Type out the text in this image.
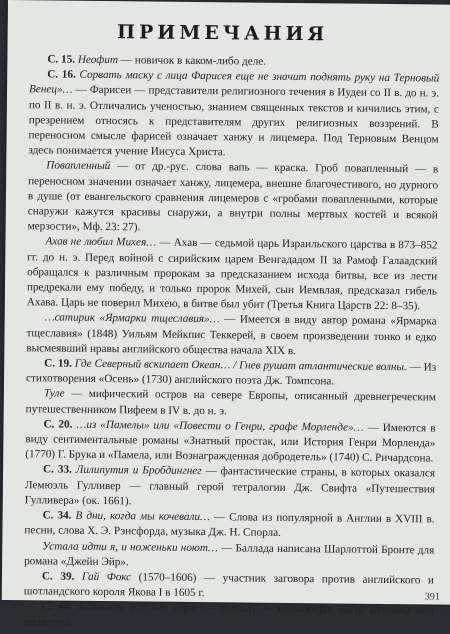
ПРИМЕЧАНИЯ

С. 15. Неофит — новичок в каком-либо деле.

С. 16. Сорвать маску с лица Фарисея еще не значит поднять руку на Терновый Венец»… — Фарисеи — представители религиозного течения в Иудеи со II в. до н. э. по II в. н. э. Отличались ученостью, знанием священных текстов и кичились этим, с презрением относясь к представителям других религиозных воззрений. В переносном смысле фарисей означает ханжу и лицемера. Под Терновым Венцом здесь понимается учение Иисуса Христа.

Повапленный — от др.-рус. слова вапь — краска. Гроб повапленный — в переносном значении означает ханжу, лицемера, внешне благочестивого, но дурного в душе (от евангельского сравнения лицемеров с «гробами повапленными, которые снаружи кажутся красивы снаружи, а внутри полны мертвых костей и всякой мерзости», Мф. 23: 27).

Ахав не любил Михея… — Ахав — седьмой царь Израильского царства в 873–852 гг. до н. э. Перед войной с сирийским царем Венгададом II за Рамоф Галаадский обращался к различным пророкам за предсказанием исхода битвы, все из лести предрекали ему победу, и только пророк Михей, сын Иемвлая, предсказал гибель Ахава. Царь не поверил Михею, в битве был убит (Третья Книга Царств 22: 8–35).

…сатирик «Ярмарки тщеславия»… — Имеется в виду автор романа «Ярмарка тщеславия» (1848) Уильям Мейкпис Теккерей, в своем произведении тонко и едко высмеявший нравы английского общества начала XIX в.

С. 19. Где Северный вскипает Океан… / Гнев рушат атлантические волны. — Из стихотворения «Осень» (1730) английского поэта Дж. Томпсона.

Туле — мифический остров на севере Европы, описанный древнегреческим путешественником Пифеем в IV в. до н. э.

С. 20. …из «Памелы» или «Повести о Генри, графе Морленде»… — Имеются в виду сентиментальные романы «Знатный простак, или История Генри Морленда» (1770) Г. Брука и «Памела, или Вознагражденная добродетель» (1740) С. Ричардсона.

С. 33. Лилипутия и Бробдингнег — фантастические страны, в которых оказался Лемюэль Гулливер — главный герой тетралогии Дж. Свифта «Путешествия Гулливера» (ок. 1661).

С. 34. В дни, когда мы кочевали… — Слова из популярной в Англии в XVIII в. песни, слова Х. Э. Рэнсфорда, музыка Дж. Н. Спорла.

Устала идти я, и ноженьки ноют… — Баллада написана Шарлоттой Бронте для романа «Джейн Эйр».

С. 39. Гай Фокс (1570–1606) — участник заговора против английского и шотландского короля Якова I в 1605 г.

С. 44. Капитель (от лат. caput — голова) — венчающая часть колонны или пилястры.

391
